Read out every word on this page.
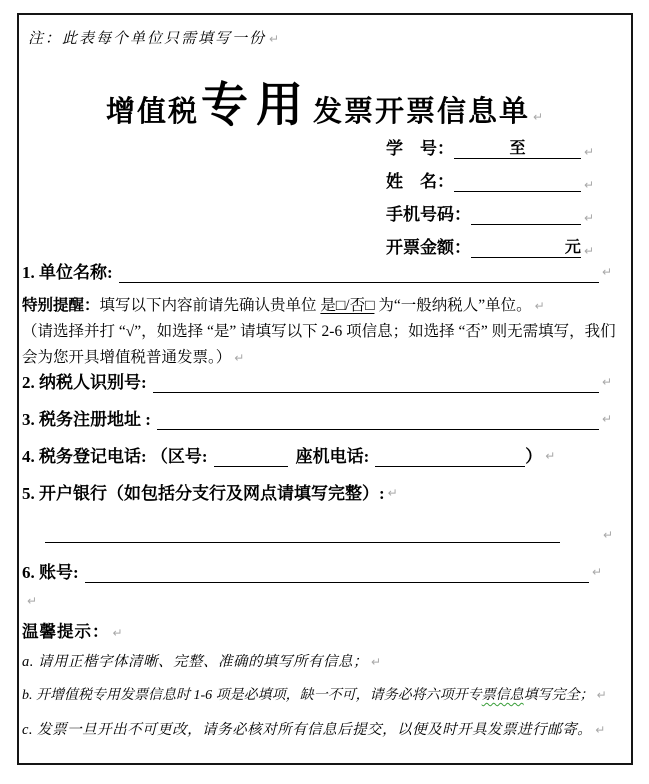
注：此表每个单位只需填写一份 ↵
增值税专用发票开票信息单 ↵
学　号：	至	↵
姓　名：	↵
手机号码：	↵
开票金额：	元 ↵
1. 单位名称:	↵
特别提醒：填写以下内容前请先确认贵单位 是□/否□ 为“一般纳税人”单位。 ↵
（请选择并打 “√”，如选择 “是” 请填写以下 2-6 项信息；如选择 “否” 则无需填写，我们会为您开具增值税普通发票。） ↵
2. 纳税人识别号:	↵
3. 税务注册地址 :	↵
4. 税务登记电话: （区号:	座机电话:	） ↵
5. 开户银行（如包括分支行及网点请填写完整）: ↵
↵
6. 账号:	↵
↵
温馨提示： ↵
a. 请用正楷字体清晰、完整、准确的填写所有信息； ↵
b. 开增值税专用发票信息时 1-6 项是必填项，缺一不可，请务必将六项开专票信息填写完全； ↵
c. 发票一旦开出不可更改，请务必核对所有信息后提交，以便及时开具发票进行邮寄。 ↵
